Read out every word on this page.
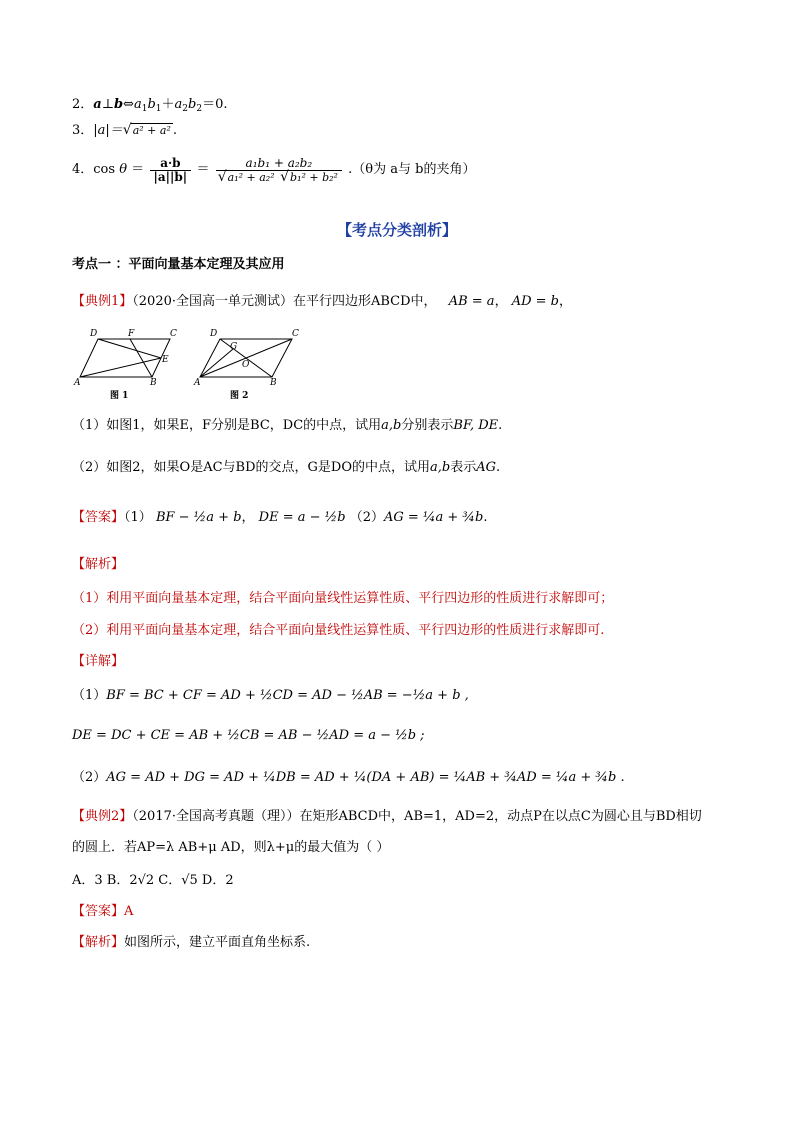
2．$a\perp b\Leftrightarrow a_1b_1+a_2b_2=0$.
3．|a|＝√a² + a² .
4．cos
θ
＝ $\frac{a\cdot b}{|a||b|} = \frac{\text{a₁b₁ + a₂b₂}}{\text{√a₁² + a₂² √b₁² + b₂²}} .(\theta$为 a与 b的夹角）
【考点分类剖析】
考点一 ：平面向量基本定理及其应用
【典例1】（2020·全国高一单元测试）在平行四边形ABCD中， AB = a， AD = b，
D	F	C
E
A	B
图 1
D	C
G
O
A	B
图 2
（1）如图1，如果E，F分别是BC，DC的中点，试用a,b分别表示BF, DE.
（2）如图2，如果O是AC与BD的交点，G是DO的中点，试用a,b表示AG.
【答案】（1） BF − ½a + b， DE = a − ½b （2）AG = ¼a + ¾b.
【解析】
（1）利用平面向量基本定理，结合平面向量线性运算性质、平行四边形的性质进行求解即可；
（2）利用平面向量基本定理，结合平面向量线性运算性质、平行四边形的性质进行求解即可.
【详解】
（1）BF = BC + CF = AD + ½CD = AD − ½AB = −½a + b ,
DE = DC + CE = AB + ½CB = AB − ½AD = a − ½b ;
（2）AG = AD + DG = AD + ¼DB = AD + ¼(DA + AB) = ¼AB + ¾AD = ¼a + ¾b .
【典例2】（2017·全国高考真题（理））在矩形ABCD中，AB=1，AD=2，动点P在以点C为圆心且与BD相切
的圆上．若AP=λ AB+μ AD，则λ+μ的最大值为（ ）
A．3 B．2√2 C．√5 D．2
【答案】A
【解析】如图所示，建立平面直角坐标系.
